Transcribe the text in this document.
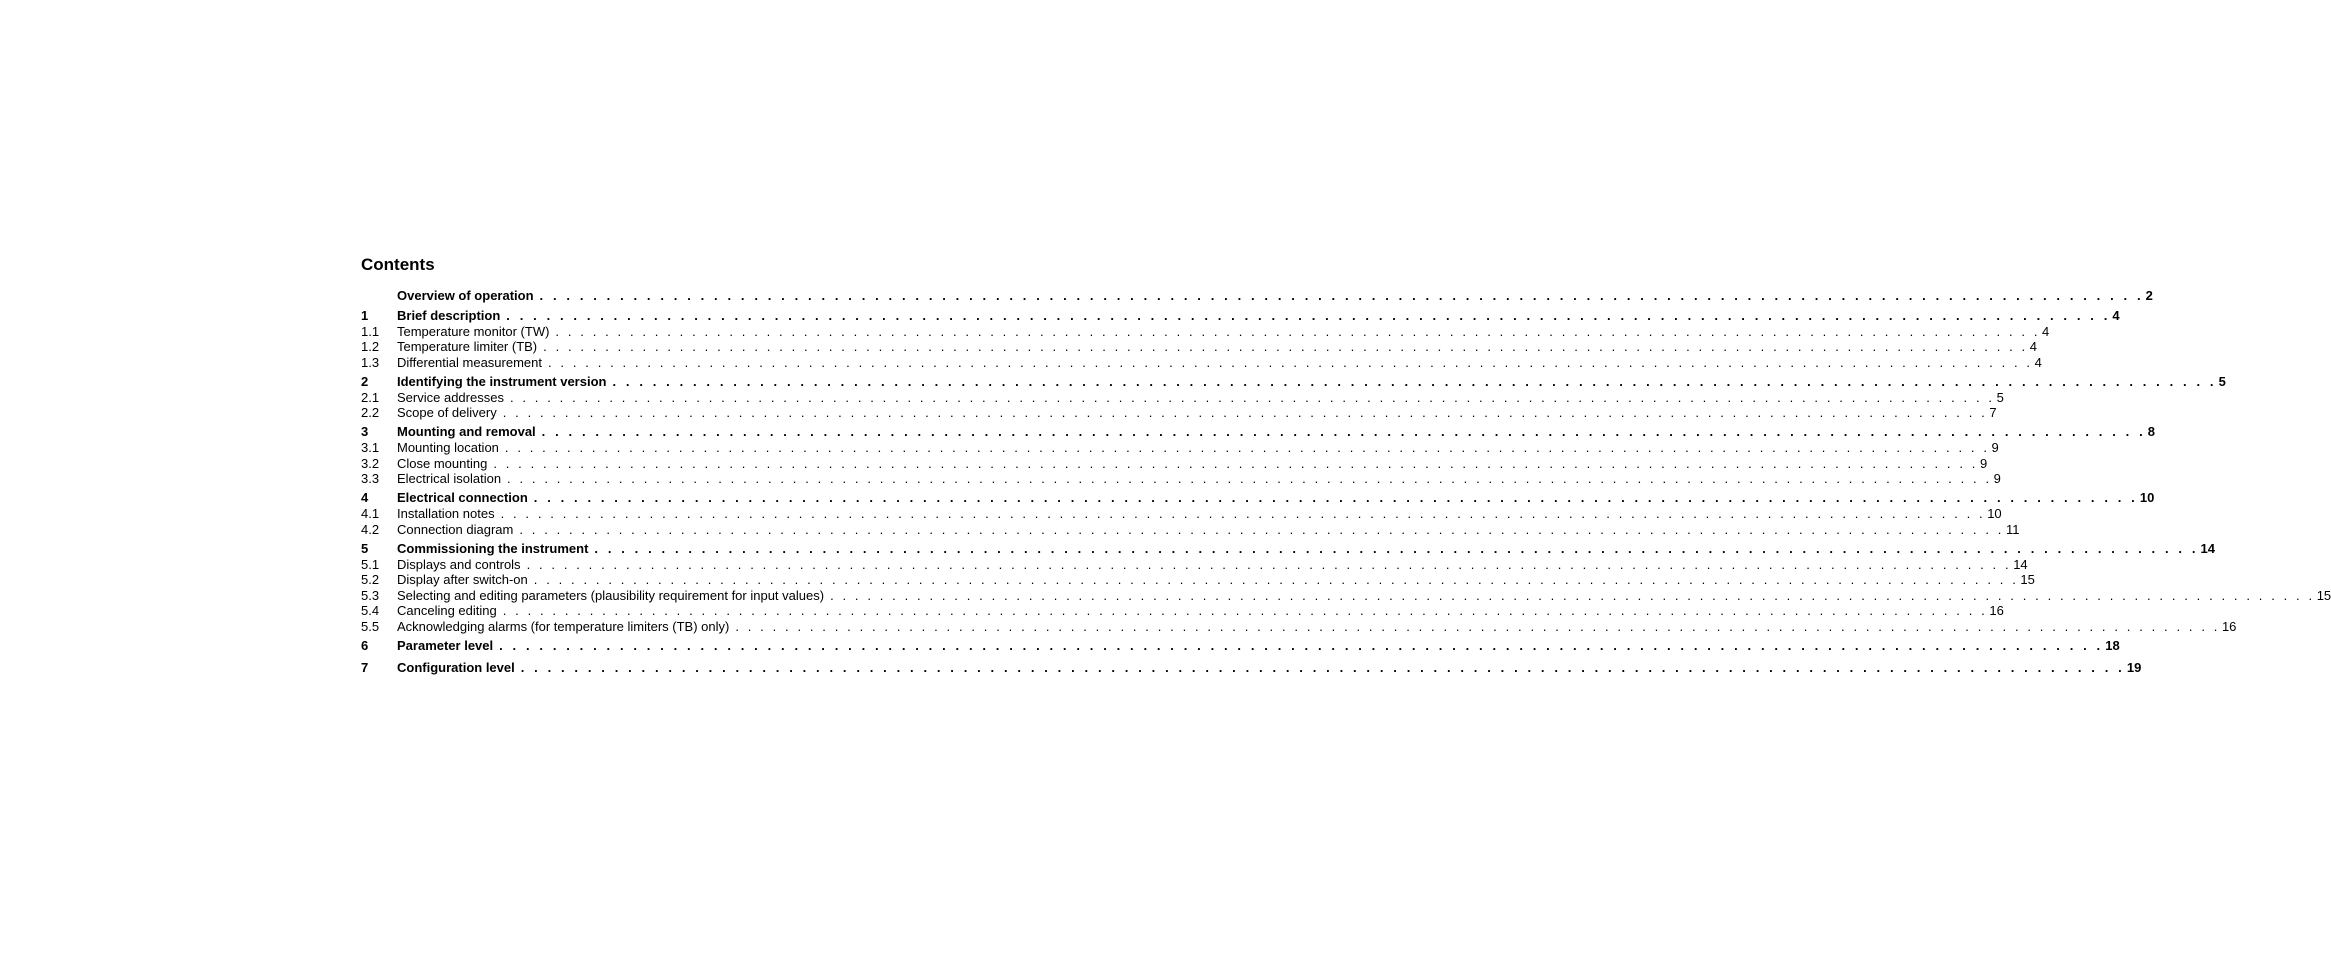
Contents
Overview of operation . . . . . . . . . . . . . . . . . . . . . . . . . . . . . . . . . . . . . . . . . . . . . . . . . . . . . . . . . . . . . . . . . . . . . . . . . . . . . . . . . . . . . . . . . . . . . . . . . . . . . . . . . . . . . . . . . . . . . . . . 2
1	Brief description . . . . . . . . . . . . . . . . . . . . . . . . . . . . . . . . . . . . . . . . . . . . . . . . . . . . . . . . . . . . . . . . . . . . . . . . . . . . . . . . . . . . . . . . . . . . . . . . . . . . . . . . . . . . . . . . . . . . . . . . 4
1.1	Temperature monitor (TW) . . . . . . . . . . . . . . . . . . . . . . . . . . . . . . . . . . . . . . . . . . . . . . . . . . . . . . . . . . . . . . . . . . . . . . . . . . . . . . . . . . . . . . . . . . . . . . . . . . . . . . . . . . . . . . . . . . . . . . . . 4
1.2	Temperature limiter (TB) . . . . . . . . . . . . . . . . . . . . . . . . . . . . . . . . . . . . . . . . . . . . . . . . . . . . . . . . . . . . . . . . . . . . . . . . . . . . . . . . . . . . . . . . . . . . . . . . . . . . . . . . . . . . . . . . . . . . . . . . 4
1.3	Differential measurement . . . . . . . . . . . . . . . . . . . . . . . . . . . . . . . . . . . . . . . . . . . . . . . . . . . . . . . . . . . . . . . . . . . . . . . . . . . . . . . . . . . . . . . . . . . . . . . . . . . . . . . . . . . . . . . . . . . . . . . . 4
2	Identifying the instrument version . . . . . . . . . . . . . . . . . . . . . . . . . . . . . . . . . . . . . . . . . . . . . . . . . . . . . . . . . . . . . . . . . . . . . . . . . . . . . . . . . . . . . . . . . . . . . . . . . . . . . . . . . . . . . . . . . . . . . . . . 5
2.1	Service addresses . . . . . . . . . . . . . . . . . . . . . . . . . . . . . . . . . . . . . . . . . . . . . . . . . . . . . . . . . . . . . . . . . . . . . . . . . . . . . . . . . . . . . . . . . . . . . . . . . . . . . . . . . . . . . . . . . . . . . . . . 5
2.2	Scope of delivery . . . . . . . . . . . . . . . . . . . . . . . . . . . . . . . . . . . . . . . . . . . . . . . . . . . . . . . . . . . . . . . . . . . . . . . . . . . . . . . . . . . . . . . . . . . . . . . . . . . . . . . . . . . . . . . . . . . . . . . . 7
3	Mounting and removal . . . . . . . . . . . . . . . . . . . . . . . . . . . . . . . . . . . . . . . . . . . . . . . . . . . . . . . . . . . . . . . . . . . . . . . . . . . . . . . . . . . . . . . . . . . . . . . . . . . . . . . . . . . . . . . . . . . . . . . . 8
3.1	Mounting location . . . . . . . . . . . . . . . . . . . . . . . . . . . . . . . . . . . . . . . . . . . . . . . . . . . . . . . . . . . . . . . . . . . . . . . . . . . . . . . . . . . . . . . . . . . . . . . . . . . . . . . . . . . . . . . . . . . . . . . . 9
3.2	Close mounting . . . . . . . . . . . . . . . . . . . . . . . . . . . . . . . . . . . . . . . . . . . . . . . . . . . . . . . . . . . . . . . . . . . . . . . . . . . . . . . . . . . . . . . . . . . . . . . . . . . . . . . . . . . . . . . . . . . . . . . . 9
3.3	Electrical isolation . . . . . . . . . . . . . . . . . . . . . . . . . . . . . . . . . . . . . . . . . . . . . . . . . . . . . . . . . . . . . . . . . . . . . . . . . . . . . . . . . . . . . . . . . . . . . . . . . . . . . . . . . . . . . . . . . . . . . . . . 9
4	Electrical connection . . . . . . . . . . . . . . . . . . . . . . . . . . . . . . . . . . . . . . . . . . . . . . . . . . . . . . . . . . . . . . . . . . . . . . . . . . . . . . . . . . . . . . . . . . . . . . . . . . . . . . . . . . . . . . . . . . . . . . . . 10
4.1	Installation notes . . . . . . . . . . . . . . . . . . . . . . . . . . . . . . . . . . . . . . . . . . . . . . . . . . . . . . . . . . . . . . . . . . . . . . . . . . . . . . . . . . . . . . . . . . . . . . . . . . . . . . . . . . . . . . . . . . . . . . . . 10
4.2	Connection diagram . . . . . . . . . . . . . . . . . . . . . . . . . . . . . . . . . . . . . . . . . . . . . . . . . . . . . . . . . . . . . . . . . . . . . . . . . . . . . . . . . . . . . . . . . . . . . . . . . . . . . . . . . . . . . . . . . . . . . . . . 11
5	Commissioning the instrument . . . . . . . . . . . . . . . . . . . . . . . . . . . . . . . . . . . . . . . . . . . . . . . . . . . . . . . . . . . . . . . . . . . . . . . . . . . . . . . . . . . . . . . . . . . . . . . . . . . . . . . . . . . . . . . . . . . . . . . . 14
5.1	Displays and controls . . . . . . . . . . . . . . . . . . . . . . . . . . . . . . . . . . . . . . . . . . . . . . . . . . . . . . . . . . . . . . . . . . . . . . . . . . . . . . . . . . . . . . . . . . . . . . . . . . . . . . . . . . . . . . . . . . . . . . . . 14
5.2	Display after switch-on . . . . . . . . . . . . . . . . . . . . . . . . . . . . . . . . . . . . . . . . . . . . . . . . . . . . . . . . . . . . . . . . . . . . . . . . . . . . . . . . . . . . . . . . . . . . . . . . . . . . . . . . . . . . . . . . . . . . . . . . 15
5.3	Selecting and editing parameters (plausibility requirement for input values) . . . . . . . . . . . . . . . . . . . . . . . . . . . . . . . . . . . . . . . . . . . . . . . . . . . . . . . . . . . . . . . . . . . . . . . . . . . . . . . . . . . . . . . . . . . . . . . . . . . . . . . . . . . . . . . . . . . . . . . . 15
5.4	Canceling editing . . . . . . . . . . . . . . . . . . . . . . . . . . . . . . . . . . . . . . . . . . . . . . . . . . . . . . . . . . . . . . . . . . . . . . . . . . . . . . . . . . . . . . . . . . . . . . . . . . . . . . . . . . . . . . . . . . . . . . . . 16
5.5	Acknowledging alarms (for temperature limiters (TB) only) . . . . . . . . . . . . . . . . . . . . . . . . . . . . . . . . . . . . . . . . . . . . . . . . . . . . . . . . . . . . . . . . . . . . . . . . . . . . . . . . . . . . . . . . . . . . . . . . . . . . . . . . . . . . . . . . . . . . . . . . 16
6	Parameter level . . . . . . . . . . . . . . . . . . . . . . . . . . . . . . . . . . . . . . . . . . . . . . . . . . . . . . . . . . . . . . . . . . . . . . . . . . . . . . . . . . . . . . . . . . . . . . . . . . . . . . . . . . . . . . . . . . . . . . . . 18
7	Configuration level . . . . . . . . . . . . . . . . . . . . . . . . . . . . . . . . . . . . . . . . . . . . . . . . . . . . . . . . . . . . . . . . . . . . . . . . . . . . . . . . . . . . . . . . . . . . . . . . . . . . . . . . . . . . . . . . . . . . . . . . 19
